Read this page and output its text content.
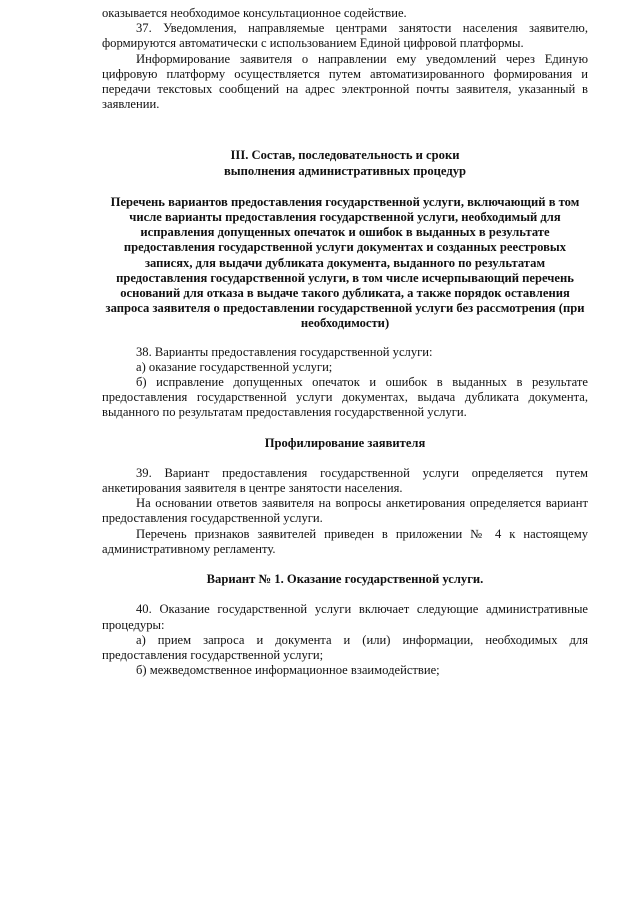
оказывается необходимое консультационное содействие.

37. Уведомления, направляемые центрами занятости населения заявителю, формируются автоматически с использованием Единой цифровой платформы.

Информирование заявителя о направлении ему уведомлений через Единую цифровую платформу осуществляется путем автоматизированного формирования и передачи текстовых сообщений на адрес электронной почты заявителя, указанный в заявлении.

III. Состав, последовательность и сроки
выполнения административных процедур
Перечень вариантов предоставления государственной услуги, включающий в том числе варианты предоставления государственной услуги, необходимый для исправления допущенных опечаток и ошибок в выданных в результате предоставления государственной услуги документах и созданных реестровых записях, для выдачи дубликата документа, выданного по результатам предоставления государственной услуги, в том числе исчерпывающий перечень оснований для отказа в выдаче такого дубликата, а также порядок оставления запроса заявителя о предоставлении государственной услуги без рассмотрения (при необходимости)

38. Варианты предоставления государственной услуги:

а) оказание государственной услуги;

б) исправление допущенных опечаток и ошибок в выданных в результате предоставления государственной услуги документах, выдача дубликата документа, выданного по результатам предоставления государственной услуги.

Профилирование заявителя

39. Вариант предоставления государственной услуги определяется путем анкетирования заявителя в центре занятости населения.

На основании ответов заявителя на вопросы анкетирования определяется вариант предоставления государственной услуги.

Перечень признаков заявителей приведен в приложении № 4 к настоящему административному регламенту.

Вариант № 1. Оказание государственной услуги.

40. Оказание государственной услуги включает следующие административные процедуры:

а) прием запроса и документа и (или) информации, необходимых для предоставления государственной услуги;

б) межведомственное информационное взаимодействие;
